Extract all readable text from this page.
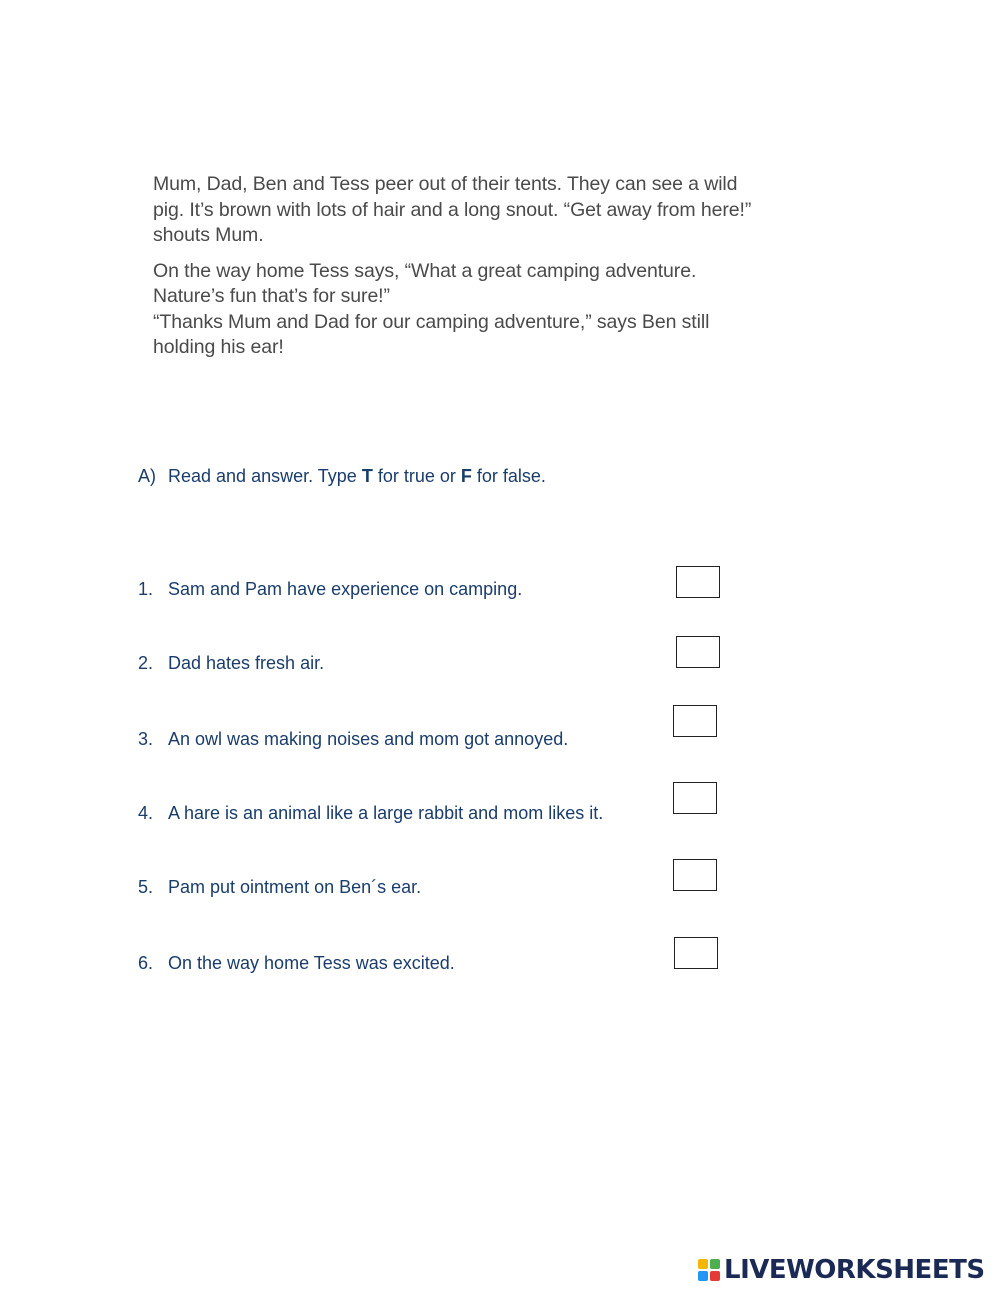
Mum, Dad, Ben and Tess peer out of their tents. They can see a wild
pig. It’s brown with lots of hair and a long snout. “Get away from here!”
shouts Mum.

On the way home Tess says, “What a great camping adventure.
Nature’s fun that’s for sure!”
“Thanks Mum and Dad for our camping adventure,” says Ben still
holding his ear!

A) Read and answer. Type T for true or F for false.
1. Sam and Pam have experience on camping.
2. Dad hates fresh air.
3. An owl was making noises and mom got annoyed.
4. A hare is an animal like a large rabbit and mom likes it.
5. Pam put ointment on Ben´s ear.
6. On the way home Tess was excited.
LIVEWORKSHEETS
